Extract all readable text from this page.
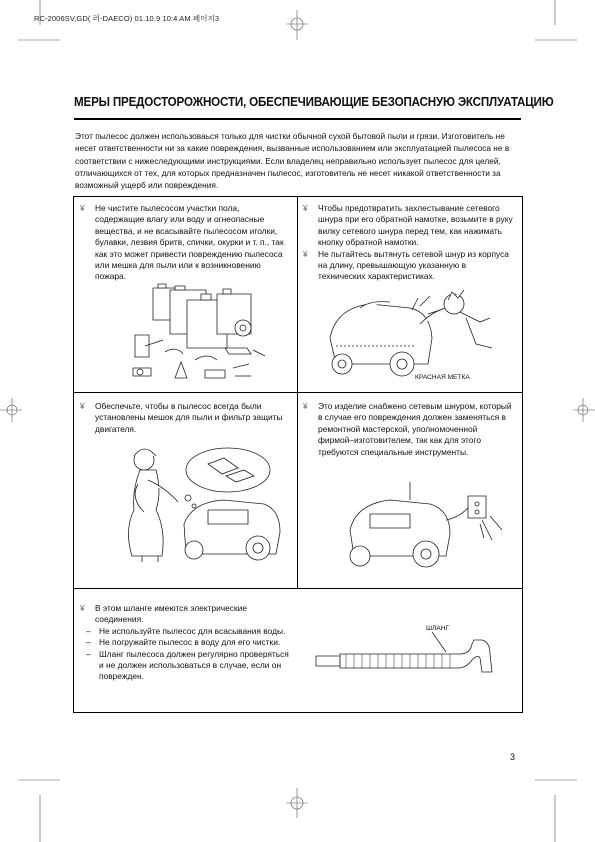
RC-2006SV,GD( 러-DAECO) 01.10.9 10:4 AM 페이지3
МЕРЫ ПРЕДОСТОРОЖНОСТИ, ОБЕСПЕЧИВАЮЩИЕ БЕЗОПАСНУЮ ЭКСПЛУАТАЦИЮ
Этот пылесос должен использоваься только для чистки обычной сухой бытовой пыли и грязи. Изготовитель не несет ответственности ни за какие повреждения, вызванные использованием или эксплуатацией пылесоса не в соответствии с нижеследующими инструкциями. Если владелец неправильно использует пылесос для целей, отличающихся от тех, для которых предназначен пылесос, изготовитель не несет никакой ответственности за возможный ущерб или повреждения.
¥ Не чистите пылесосом участки пола, содержащие влагу или воду и огнеопасные вещества, и не всасывайте пылесосом иголки, булавки, лезвия бритв, спички, окурки и т. п., так как это может привести повреждению пылесоса или мешка для пыли или к возникновению пожара.
¥ Чтобы предотвратить захлестывание сетевого шнура при его обратной намотке, возьмите в руку вилку сетевого шнура перед тем, как нажимать кнопку обратной намотки.
¥ Не пытайтесь вытянуть сетевой шнур из корпуса на длину, превышающую указанную в технических характеристиках.
КРАСНАЯ МЕТКА
¥ Обеспечьте, чтобы в пылесос всегда были установлены мешок для пыли и фильтр защиты двигателя.
¥ Это изделие снабжено сетевым шнуром, который в случае его повреждения должен заменяться в ремонтной мастерской, уполномоченной фирмой–изготовителем, так как для этого требуются специальные инструменты.
¥ В этом шланге имеются электрические соединения.
– Не используйте пылесос для всасывания воды.
– Не погружайте пылесос в воду для его чистки.
– Шланг пылесоса должен регулярно проверяться и не должен использоваться в случае, если он поврежден.
ШЛАНГ
3
